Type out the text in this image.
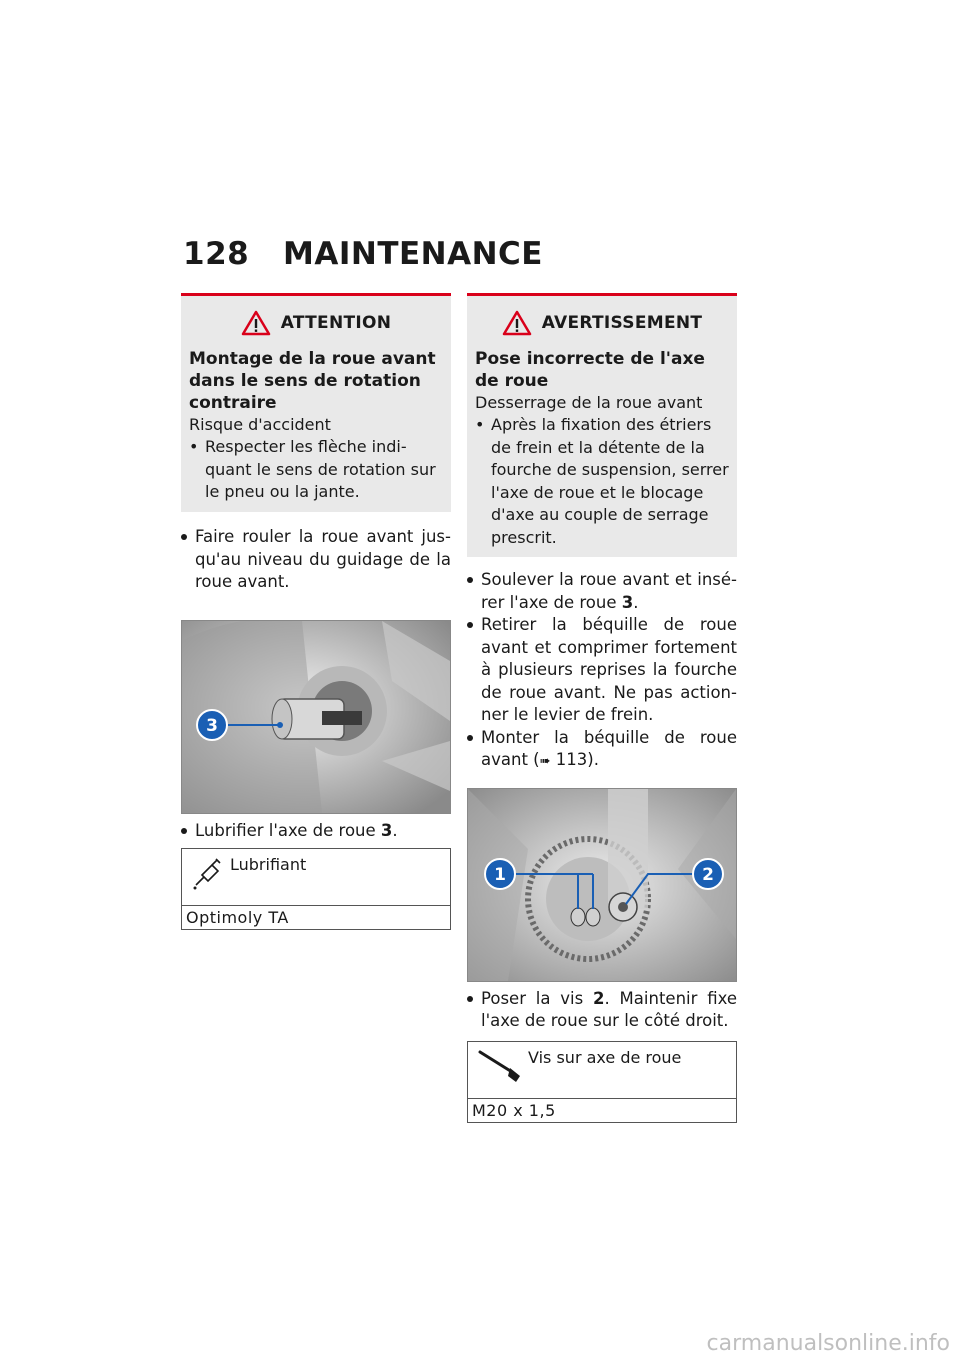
128 MAINTENANCE
ATTENTION
Montage de la roue avant dans le sens de rotation contraire
Risque d'accident
• Respecter les flèche indiquant le sens de rotation sur le pneu ou la jante.
Faire rouler la roue avant jusqu'au niveau du guidage de la roue avant.
3
Lubrifier l'axe de roue 3.
Lubrifiant
Optimoly TA
AVERTISSEMENT
Pose incorrecte de l'axe de roue
Desserrage de la roue avant
• Après la fixation des étriers de frein et la détente de la fourche de suspension, serrer l'axe de roue et le blocage d'axe au couple de serrage prescrit.
Soulever la roue avant et insérer l'axe de roue 3.
Retirer la béquille de roue avant et comprimer fortement à plusieurs reprises la fourche de roue avant. Ne pas actionner le levier de frein.
Monter la béquille de roue avant (➠ 113).
1	2
Poser la vis 2. Maintenir fixe l'axe de roue sur le côté droit.
Vis sur axe de roue
M20 x 1,5
carmanualsonline.info
